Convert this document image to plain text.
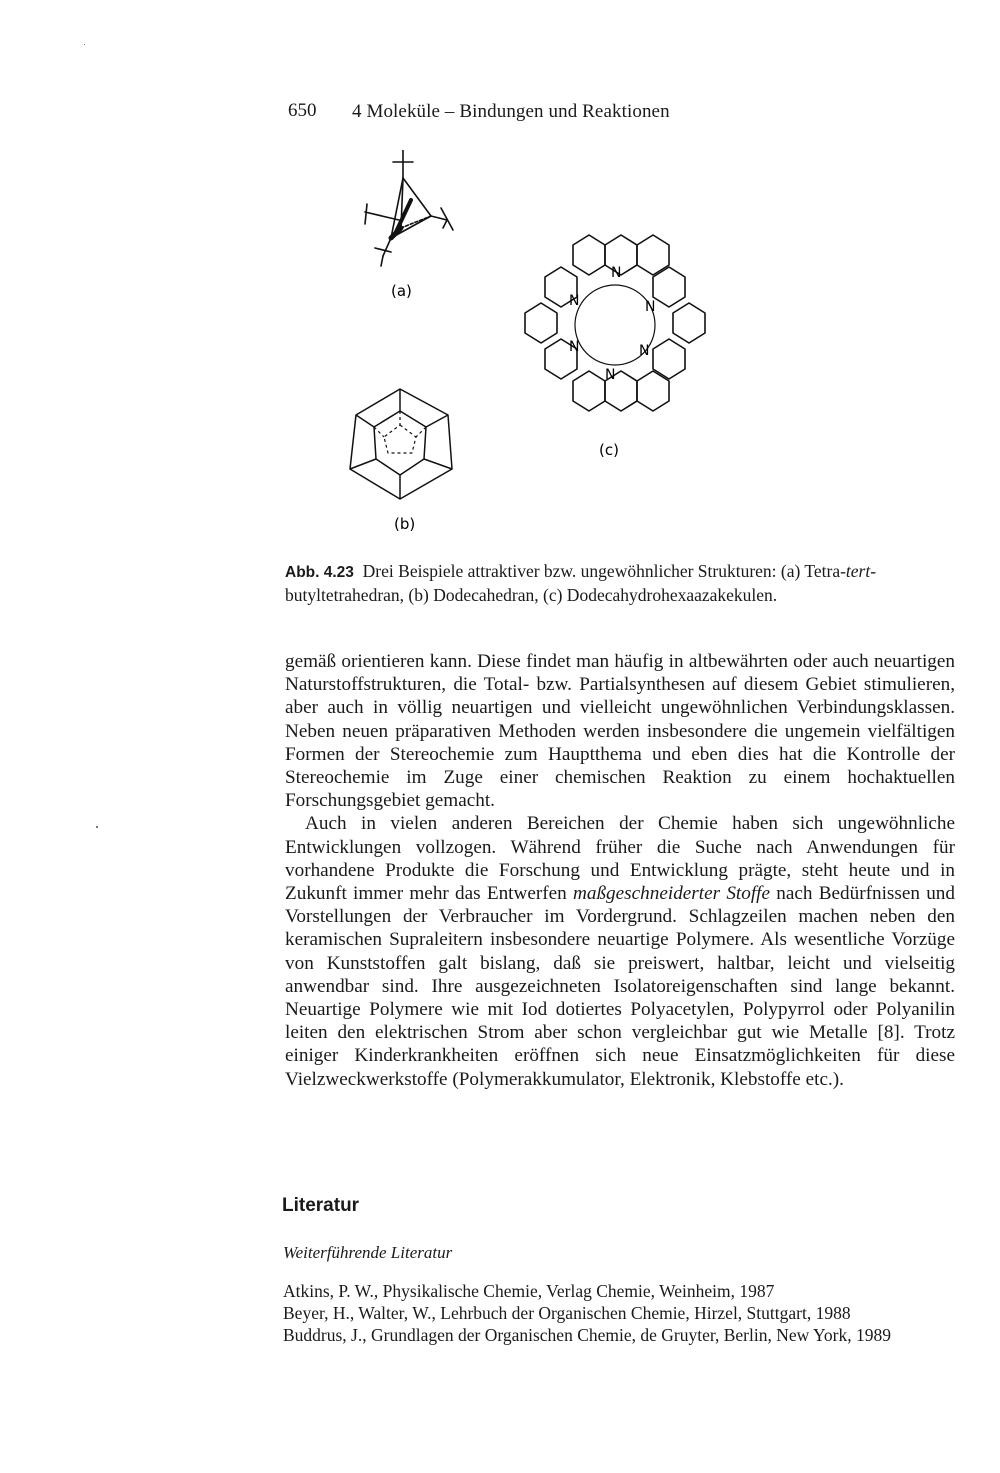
650 4 Moleküle – Bindungen und Reaktionen
(a)
(b)
N
N	N
N	N
N
(c)
Abb. 4.23 Drei Beispiele attraktiver bzw. ungewöhnlicher Strukturen: (a) Tetra-tert-butyltetrahedran, (b) Dodecahedran, (c) Dodecahydrohexaazakekulen.

gemäß orientieren kann. Diese findet man häufig in altbewährten oder auch neuartigen Naturstoffstrukturen, die Total- bzw. Partialsynthesen auf diesem Gebiet stimulieren, aber auch in völlig neuartigen und vielleicht ungewöhnlichen Verbindungsklassen. Neben neuen präparativen Methoden werden insbesondere die ungemein vielfältigen Formen der Stereochemie zum Hauptthema und eben dies hat die Kontrolle der Stereochemie im Zuge einer chemischen Reaktion zu einem hochaktuellen Forschungsgebiet gemacht.

Auch in vielen anderen Bereichen der Chemie haben sich ungewöhnliche Entwicklungen vollzogen. Während früher die Suche nach Anwendungen für vorhandene Produkte die Forschung und Entwicklung prägte, steht heute und in Zukunft immer mehr das Entwerfen maßgeschneiderter Stoffe nach Bedürfnissen und Vorstellungen der Verbraucher im Vordergrund. Schlagzeilen machen neben den keramischen Supraleitern insbesondere neuartige Polymere. Als wesentliche Vorzüge von Kunststoffen galt bislang, daß sie preiswert, haltbar, leicht und vielseitig anwendbar sind. Ihre ausgezeichneten Isolatoreigenschaften sind lange bekannt. Neuartige Polymere wie mit Iod dotiertes Polyacetylen, Polypyrrol oder Polyanilin leiten den elektrischen Strom aber schon vergleichbar gut wie Metalle [8]. Trotz einiger Kinderkrankheiten eröffnen sich neue Einsatzmöglichkeiten für diese Vielzweckwerkstoffe (Polymerakkumulator, Elektronik, Klebstoffe etc.).

Literatur
Weiterführende Literatur
Atkins, P. W., Physikalische Chemie, Verlag Chemie, Weinheim, 1987
Beyer, H., Walter, W., Lehrbuch der Organischen Chemie, Hirzel, Stuttgart, 1988
Buddrus, J., Grundlagen der Organischen Chemie, de Gruyter, Berlin, New York, 1989
